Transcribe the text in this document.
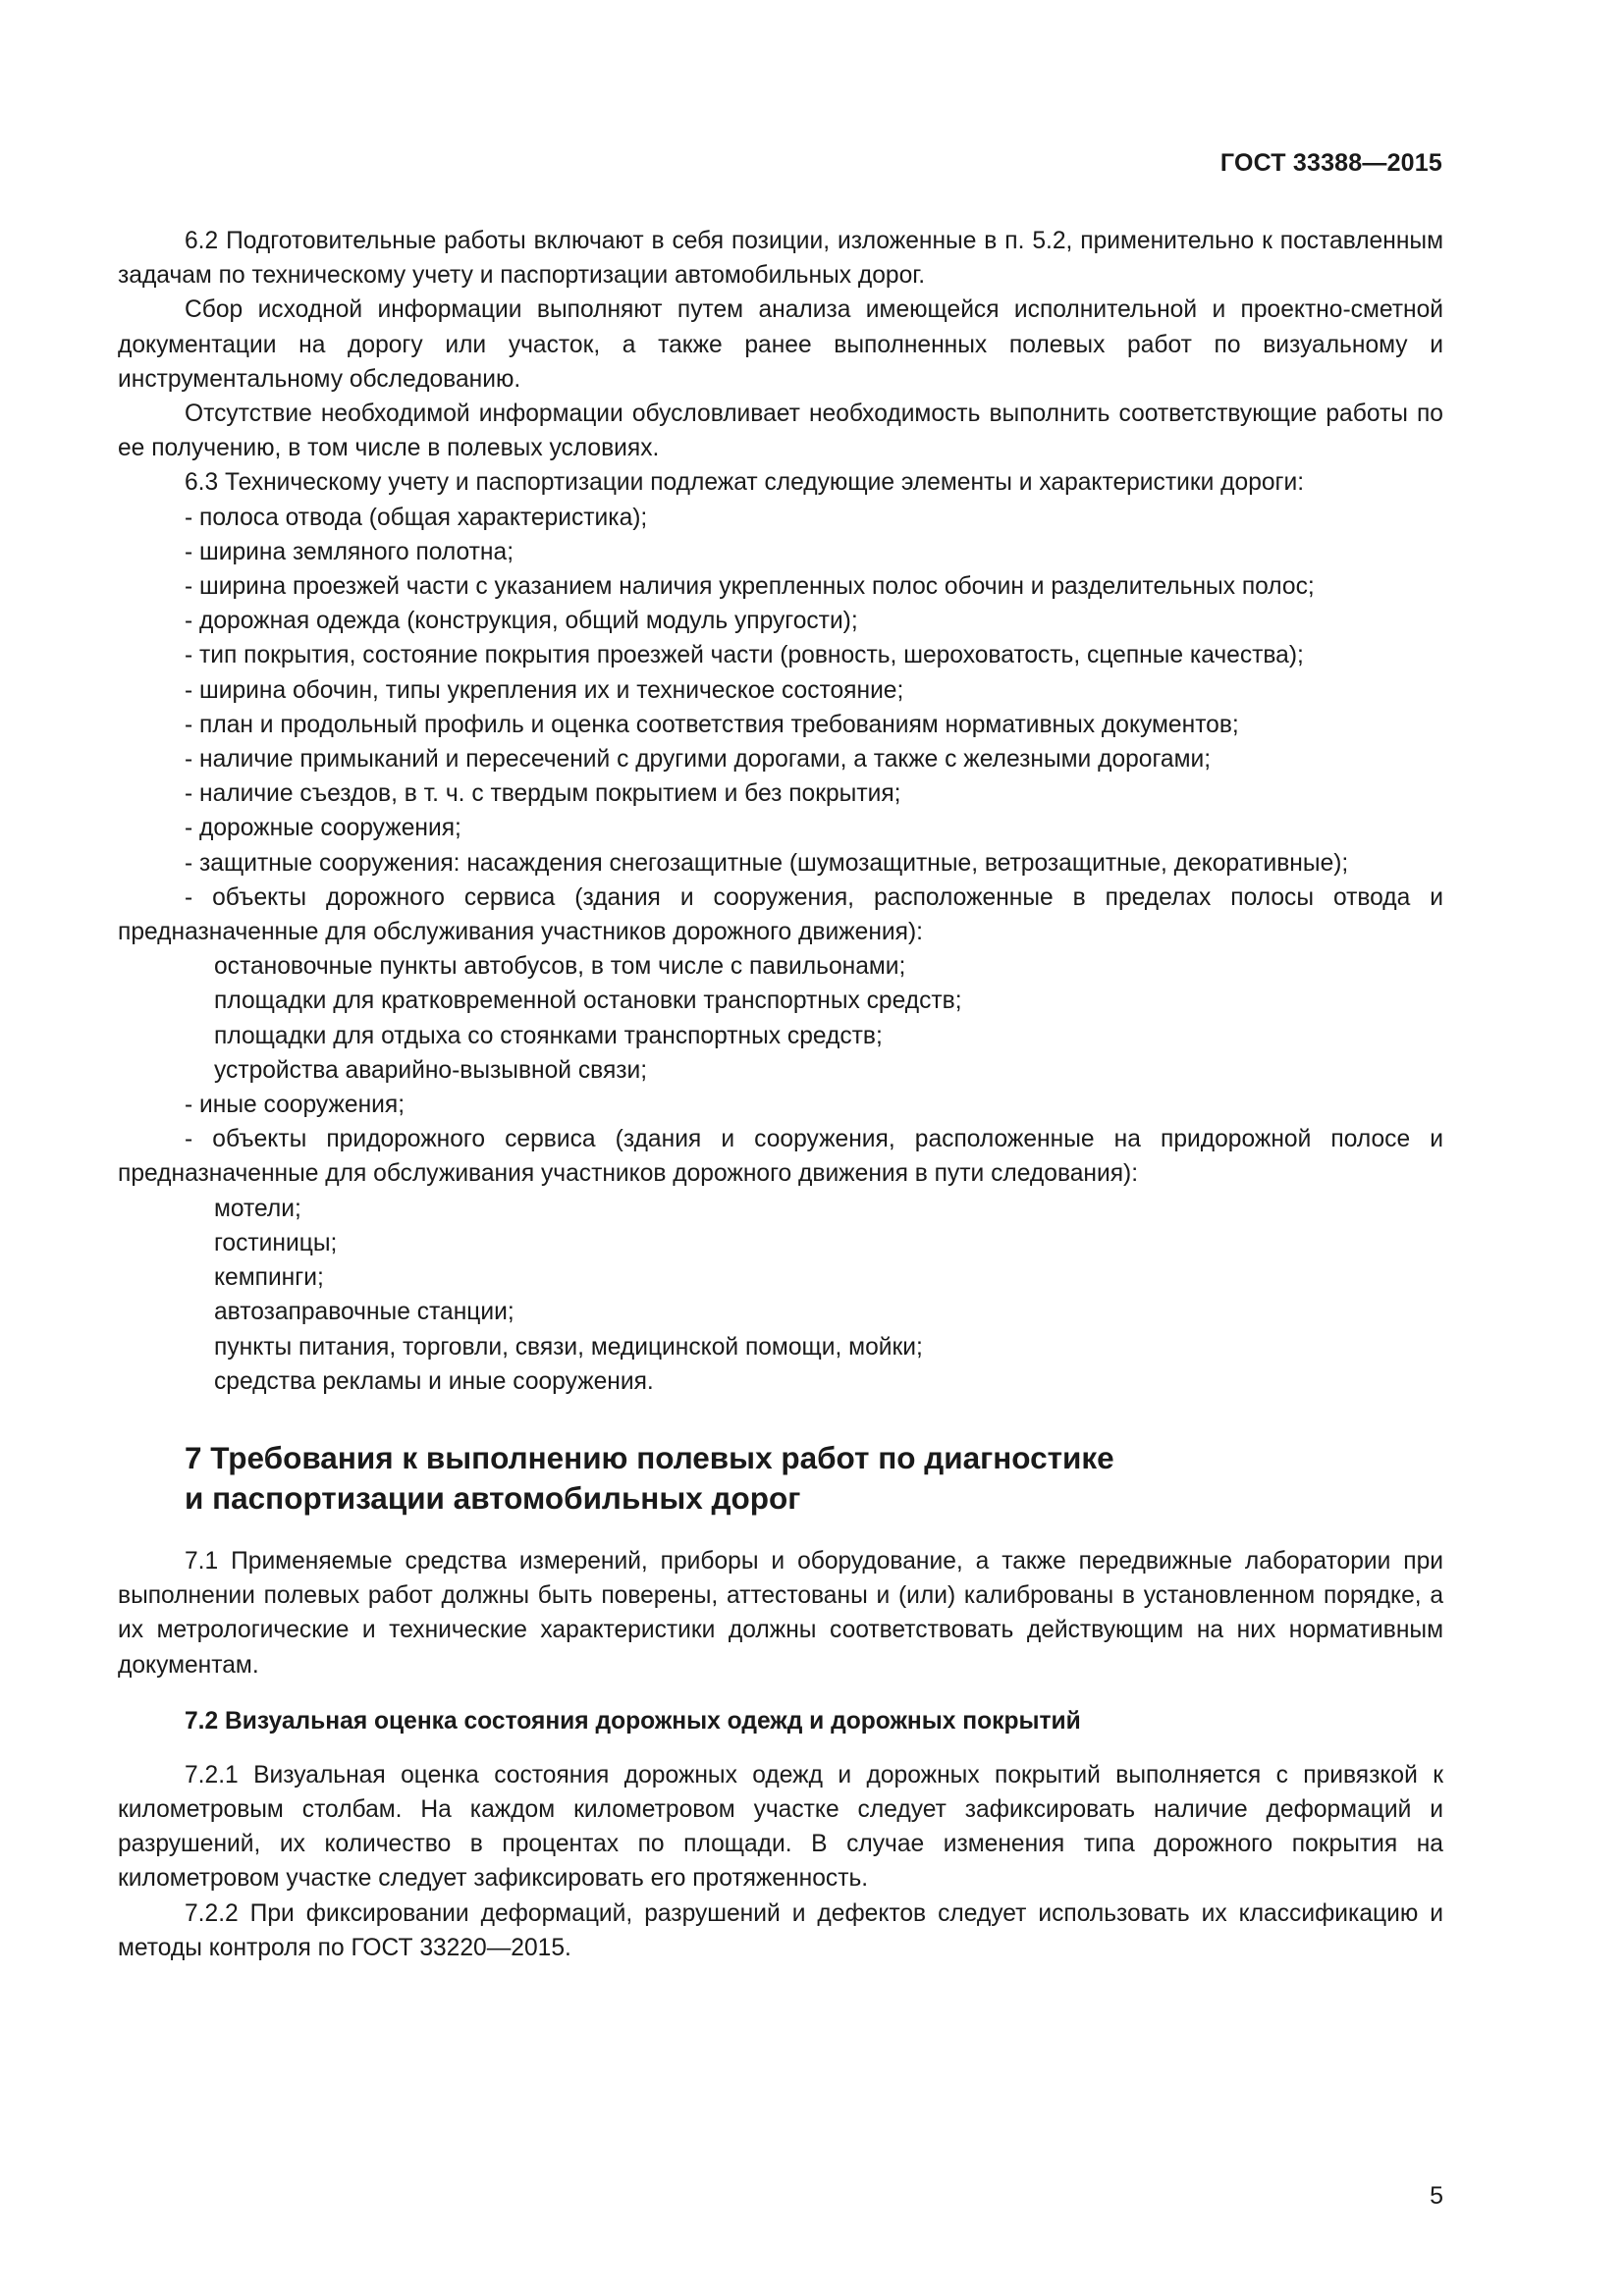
ГОСТ 33388—2015

6.2 Подготовительные работы включают в себя позиции, изложенные в п. 5.2, применительно к поставленным задачам по техническому учету и паспортизации автомобильных дорог.

Сбор исходной информации выполняют путем анализа имеющейся исполнительной и проектно-сметной документации на дорогу или участок, а также ранее выполненных полевых работ по визуальному и инструментальному обследованию.

Отсутствие необходимой информации обусловливает необходимость выполнить соответствующие работы по ее получению, в том числе в полевых условиях.

6.3 Техническому учету и паспортизации подлежат следующие элементы и характеристики дороги:

- полоса отвода (общая характеристика);

- ширина земляного полотна;

- ширина проезжей части с указанием наличия укрепленных полос обочин и разделительных полос;

- дорожная одежда (конструкция, общий модуль упругости);

- тип покрытия, состояние покрытия проезжей части (ровность, шероховатость, сцепные качества);

- ширина обочин, типы укрепления их и техническое состояние;

- план и продольный профиль и оценка соответствия требованиям нормативных документов;

- наличие примыканий и пересечений с другими дорогами, а также с железными дорогами;

- наличие съездов, в т. ч. с твердым покрытием и без покрытия;

- дорожные сооружения;

- защитные сооружения: насаждения снегозащитные (шумозащитные, ветрозащитные, декоративные);

- объекты дорожного сервиса (здания и сооружения, расположенные в пределах полосы отвода и предназначенные для обслуживания участников дорожного движения):

остановочные пункты автобусов, в том числе с павильонами;

площадки для кратковременной остановки транспортных средств;

площадки для отдыха со стоянками транспортных средств;

устройства аварийно-вызывной связи;

- иные сооружения;

- объекты придорожного сервиса (здания и сооружения, расположенные на придорожной полосе и предназначенные для обслуживания участников дорожного движения в пути следования):

мотели;

гостиницы;

кемпинги;

автозаправочные станции;

пункты питания, торговли, связи, медицинской помощи, мойки;

средства рекламы и иные сооружения.

7 Требования к выполнению полевых работ по диагностике
и паспортизации автомобильных дорог

7.1 Применяемые средства измерений, приборы и оборудование, а также передвижные лаборатории при выполнении полевых работ должны быть поверены, аттестованы и (или) калиброваны в установленном порядке, а их метрологические и технические характеристики должны соответствовать действующим на них нормативным документам.

7.2 Визуальная оценка состояния дорожных одежд и дорожных покрытий

7.2.1 Визуальная оценка состояния дорожных одежд и дорожных покрытий выполняется с привязкой к километровым столбам. На каждом километровом участке следует зафиксировать наличие деформаций и разрушений, их количество в процентах по площади. В случае изменения типа дорожного покрытия на километровом участке следует зафиксировать его протяженность.

7.2.2 При фиксировании деформаций, разрушений и дефектов следует использовать их классификацию и методы контроля по ГОСТ 33220—2015.

5
